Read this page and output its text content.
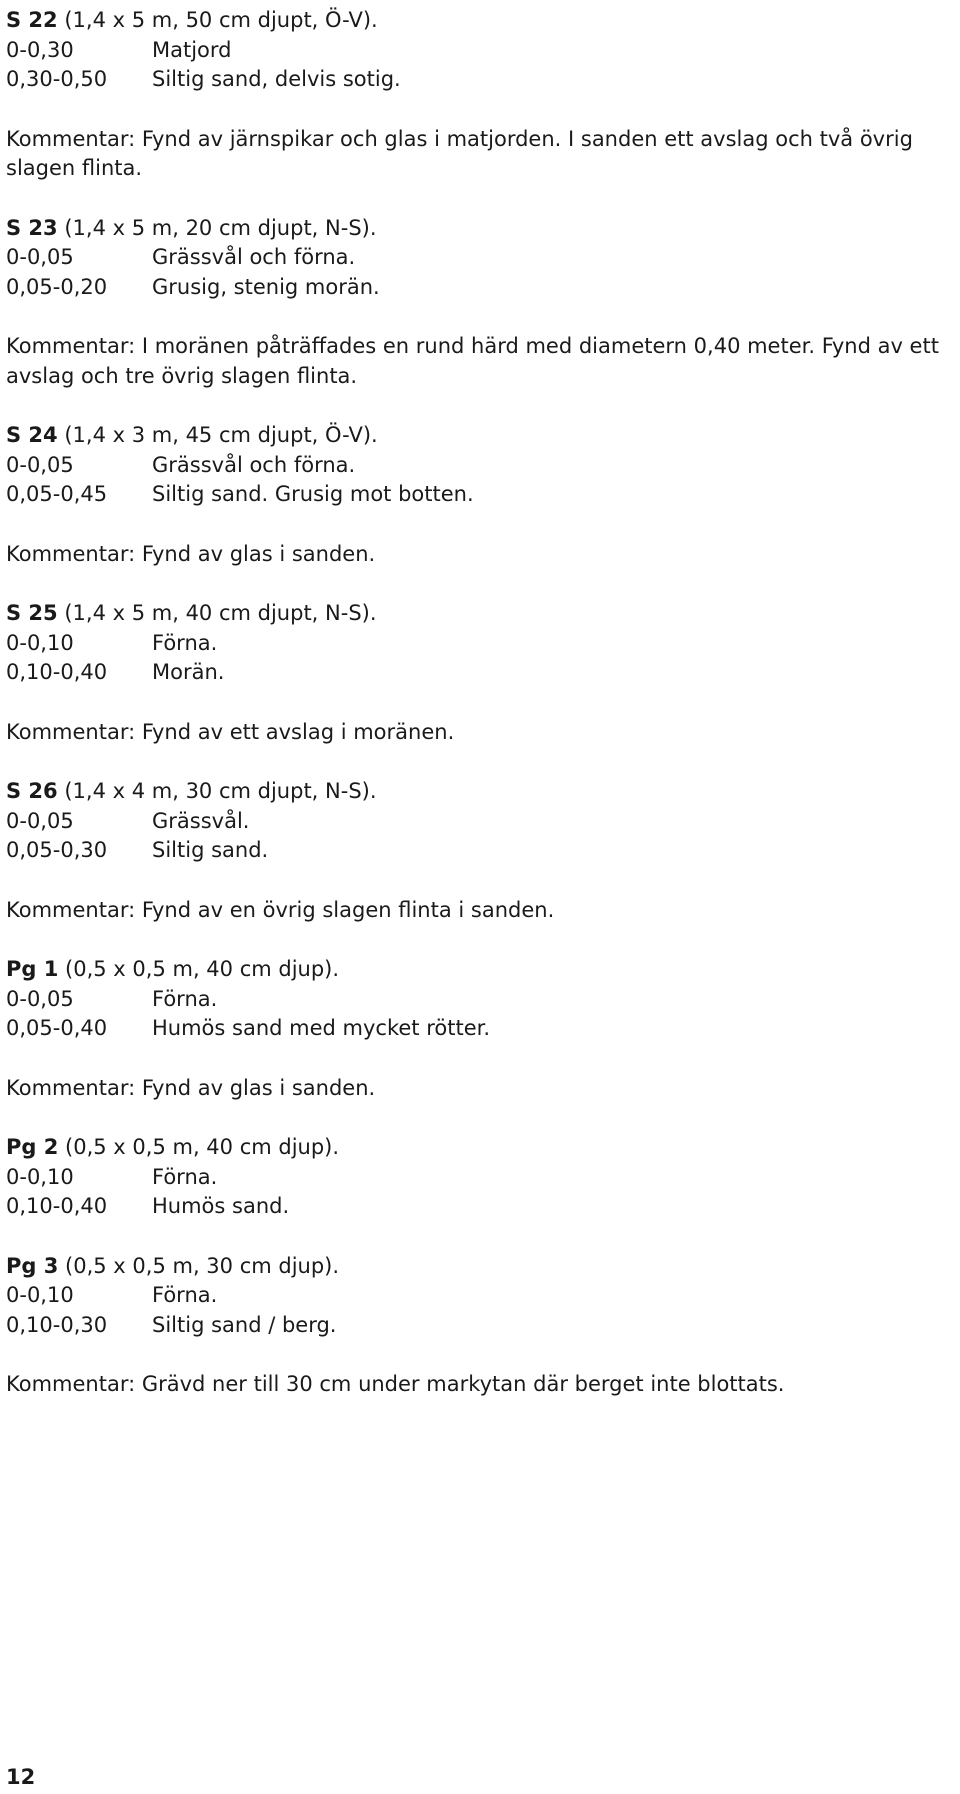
S 22 (1,4 x 5 m, 50 cm djupt, Ö-V).
0-0,30	Matjord
0,30-0,50 Siltig sand, delvis sotig.
Kommentar: Fynd av järnspikar och glas i matjorden. I sanden ett avslag och två övrig slagen flinta.
S 23 (1,4 x 5 m, 20 cm djupt, N-S).
0-0,05	Grässvål och förna.
0,05-0,20 Grusig, stenig morän.
Kommentar: I moränen påträffades en rund härd med diametern 0,40 meter. Fynd av ett avslag och tre övrig slagen flinta.
S 24 (1,4 x 3 m, 45 cm djupt, Ö-V).
0-0,05	Grässvål och förna.
0,05-0,45 Siltig sand. Grusig mot botten.
Kommentar: Fynd av glas i sanden.
S 25 (1,4 x 5 m, 40 cm djupt, N-S).
0-0,10	Förna.
0,10-0,40 Morän.
Kommentar: Fynd av ett avslag i moränen.
S 26 (1,4 x 4 m, 30 cm djupt, N-S).
0-0,05	Grässvål.
0,05-0,30 Siltig sand.
Kommentar: Fynd av en övrig slagen flinta i sanden.
Pg 1 (0,5 x 0,5 m, 40 cm djup).
0-0,05	Förna.
0,05-0,40 Humös sand med mycket rötter.
Kommentar: Fynd av glas i sanden.
Pg 2 (0,5 x 0,5 m, 40 cm djup).
0-0,10	Förna.
0,10-0,40 Humös sand.
Pg 3 (0,5 x 0,5 m, 30 cm djup).
0-0,10	Förna.
0,10-0,30 Siltig sand / berg.
Kommentar: Grävd ner till 30 cm under markytan där berget inte blottats.
12
